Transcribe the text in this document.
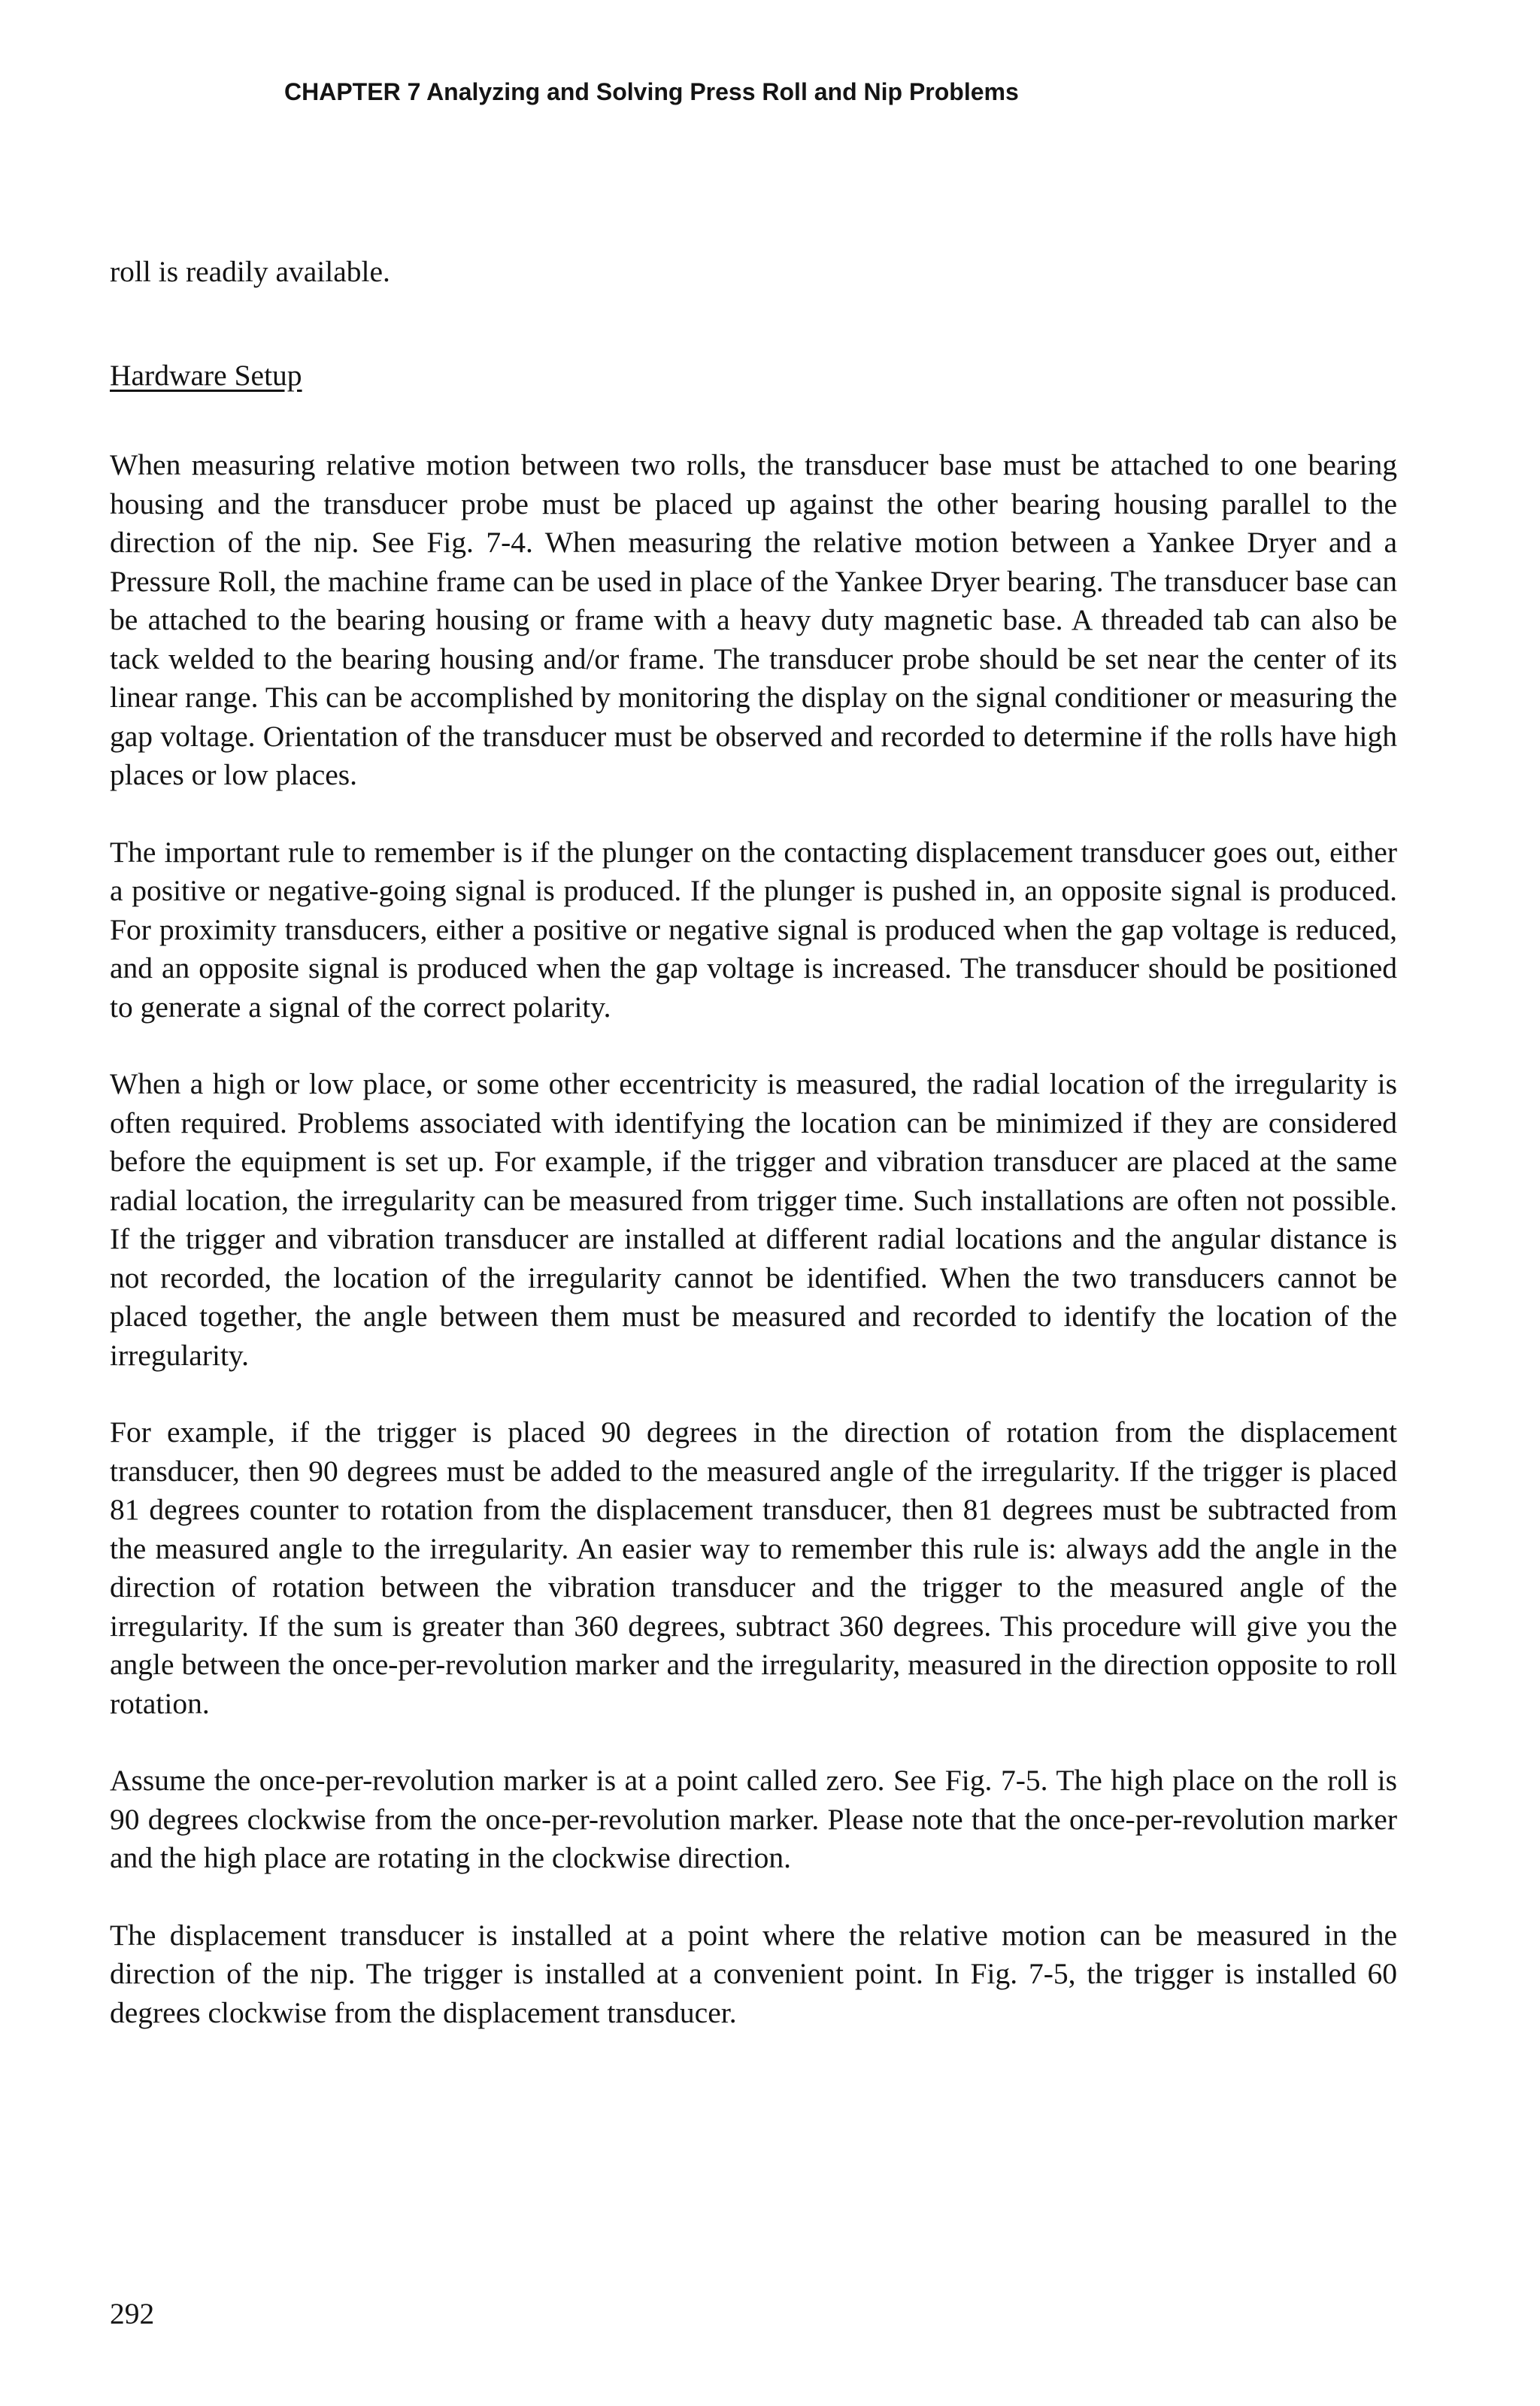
CHAPTER 7 Analyzing and Solving Press Roll and Nip Problems

roll is readily available.

Hardware Setup

When measuring relative motion between two rolls, the transducer base must be attached to one bearing housing and the transducer probe must be placed up against the other bearing housing parallel to the direction of the nip. See Fig. 7-4. When measuring the relative motion between a Yankee Dryer and a Pressure Roll, the machine frame can be used in place of the Yankee Dryer bearing. The transducer base can be attached to the bearing housing or frame with a heavy duty magnetic base. A threaded tab can also be tack welded to the bearing housing and/or frame. The transducer probe should be set near the center of its linear range. This can be accomplished by monitoring the display on the signal conditioner or measuring the gap voltage. Orientation of the transducer must be observed and recorded to determine if the rolls have high places or low places.

The important rule to remember is if the plunger on the contacting displacement transducer goes out, either a positive or negative-going signal is produced. If the plunger is pushed in, an opposite signal is produced. For proximity transducers, either a positive or negative signal is produced when the gap voltage is reduced, and an opposite signal is produced when the gap voltage is increased. The transducer should be positioned to generate a signal of the correct polarity.

When a high or low place, or some other eccentricity is measured, the radial location of the irregularity is often required. Problems associated with identifying the location can be minimized if they are considered before the equipment is set up. For example, if the trigger and vibration transducer are placed at the same radial location, the irregularity can be measured from trigger time. Such installations are often not possible. If the trigger and vibration transducer are installed at different radial locations and the angular distance is not recorded, the location of the irregularity cannot be identified. When the two transducers cannot be placed together, the angle between them must be measured and recorded to identify the location of the irregularity.

For example, if the trigger is placed 90 degrees in the direction of rotation from the displacement transducer, then 90 degrees must be added to the measured angle of the irregularity. If the trigger is placed 81 degrees counter to rotation from the displacement transducer, then 81 degrees must be subtracted from the measured angle to the irregularity. An easier way to remember this rule is: always add the angle in the direction of rotation between the vibration transducer and the trigger to the measured angle of the irregularity. If the sum is greater than 360 degrees, subtract 360 degrees. This procedure will give you the angle between the once-per-revolution marker and the irregularity, measured in the direction opposite to roll rotation.

Assume the once-per-revolution marker is at a point called zero. See Fig. 7-5. The high place on the roll is 90 degrees clockwise from the once-per-revolution marker. Please note that the once-per-revolution marker and the high place are rotating in the clockwise direction.

The displacement transducer is installed at a point where the relative motion can be measured in the direction of the nip. The trigger is installed at a convenient point. In Fig. 7-5, the trigger is installed 60 degrees clockwise from the displacement transducer.

292
